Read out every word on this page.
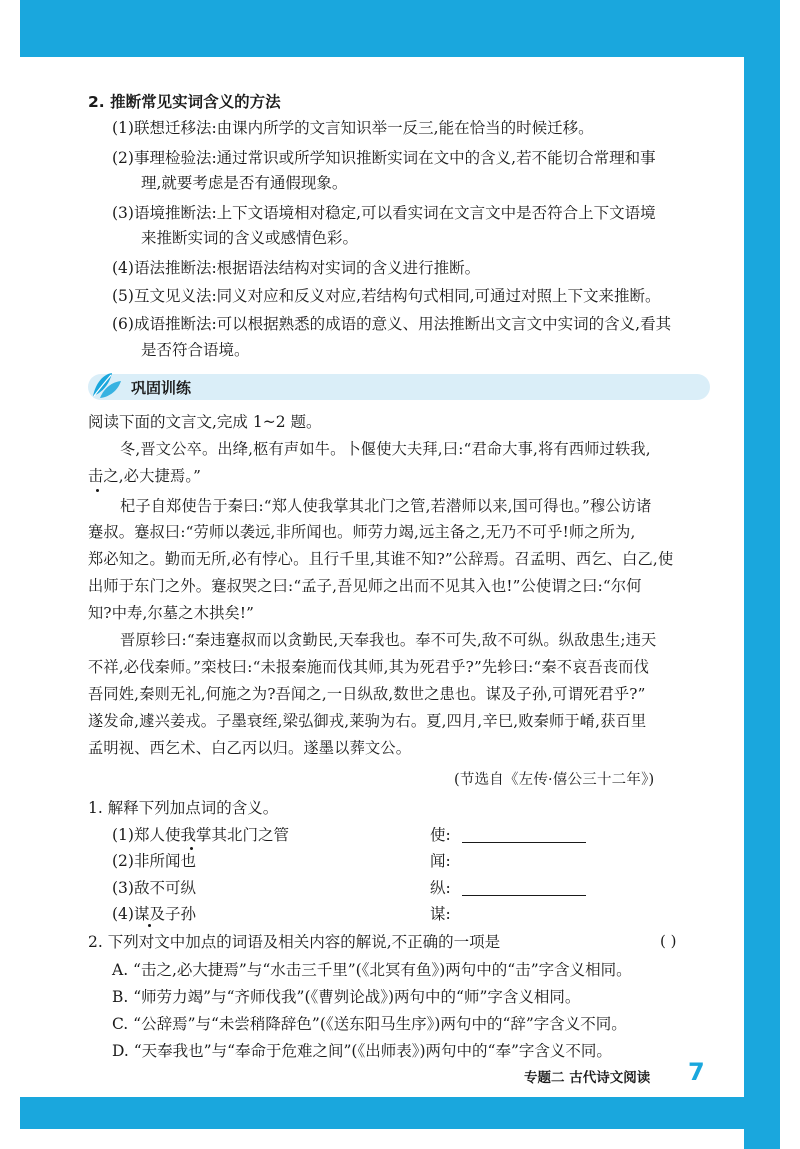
2. 推断常见实词含义的方法
(1)联想迁移法:由课内所学的文言知识举一反三,能在恰当的时候迁移。
(2)事理检验法:通过常识或所学知识推断实词在文中的含义,若不能切合常理和事
理,就要考虑是否有通假现象。
(3)语境推断法:上下文语境相对稳定,可以看实词在文言文中是否符合上下文语境
来推断实词的含义或感情色彩。
(4)语法推断法:根据语法结构对实词的含义进行推断。
(5)互文见义法:同义对应和反义对应,若结构句式相同,可通过对照上下文来推断。
(6)成语推断法:可以根据熟悉的成语的意义、用法推断出文言文中实词的含义,看其
是否符合语境。
巩固训练
阅读下面的文言文,完成 1~2 题。
冬,晋文公卒。出绛,柩有声如牛。卜偃使大夫拜,曰:“君命大事,将有西师过轶我,
击之,必大捷焉。”
杞子自郑使告于秦曰:“郑人使我掌其北门之管,若潜师以来,国可得也。”穆公访诸
蹇叔。蹇叔曰:“劳师以袭远,非所闻也。师劳力竭,远主备之,无乃不可乎!师之所为,
郑必知之。勤而无所,必有悖心。且行千里,其谁不知?”公辞焉。召孟明、西乞、白乙,使
出师于东门之外。蹇叔哭之曰:“孟子,吾见师之出而不见其入也!”公使谓之曰:“尔何
知?中寿,尔墓之木拱矣!”
晋原轸曰:“秦违蹇叔而以贪勤民,天奉我也。奉不可失,敌不可纵。纵敌患生;违天
不祥,必伐秦师。”栾枝曰:“未报秦施而伐其师,其为死君乎?”先轸曰:“秦不哀吾丧而伐
吾同姓,秦则无礼,何施之为?吾闻之,一日纵敌,数世之患也。谋及子孙,可谓死君乎?”
遂发命,遽兴姜戎。子墨衰绖,梁弘御戎,莱驹为右。夏,四月,辛巳,败秦师于崤,获百里
孟明视、西乞术、白乙丙以归。遂墨以葬文公。
(节选自《左传·僖公三十二年》)
1. 解释下列加点词的含义。
(1)郑人使我掌其北门之管	使:
(2)非所闻也	闻:
(3)敌不可纵	纵:
(4)谋及子孙	谋:
2. 下列对文中加点的词语及相关内容的解说,不正确的一项是	( )
A. “击之,必大捷焉”与“水击三千里”(《北冥有鱼》)两句中的“击”字含义相同。
B. “师劳力竭”与“齐师伐我”(《曹刿论战》)两句中的“师”字含义相同。
C. “公辞焉”与“未尝稍降辞色”(《送东阳马生序》)两句中的“辞”字含义不同。
D. “天奉我也”与“奉命于危难之间”(《出师表》)两句中的“奉”字含义不同。
专题二 古代诗文阅读 7
